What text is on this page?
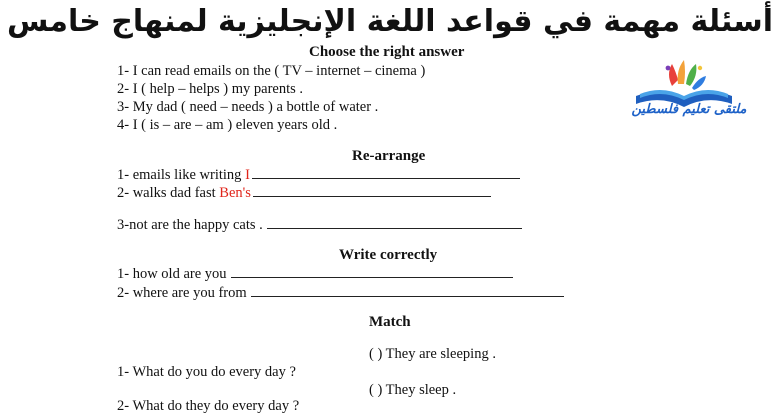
أسئلة مهمة في قواعد اللغة الإنجليزية لمنهاج خامس
ملتقى تعليم فلسطين
Choose the right answer
1- I can read emails on the ( TV – internet – cinema )
2- I ( help – helps ) my parents .
3- My dad ( need – needs ) a bottle of water .
4- I ( is – are – am ) eleven years old .
Re-arrange
1- emails like writing I
2- walks dad fast Ben's
3-not are the happy cats .
Write correctly
1- how old are you
2- where are you from
Match
( ) They are sleeping .
1- What do you do every day ?
( ) They sleep .
2- What do they do every day ?
